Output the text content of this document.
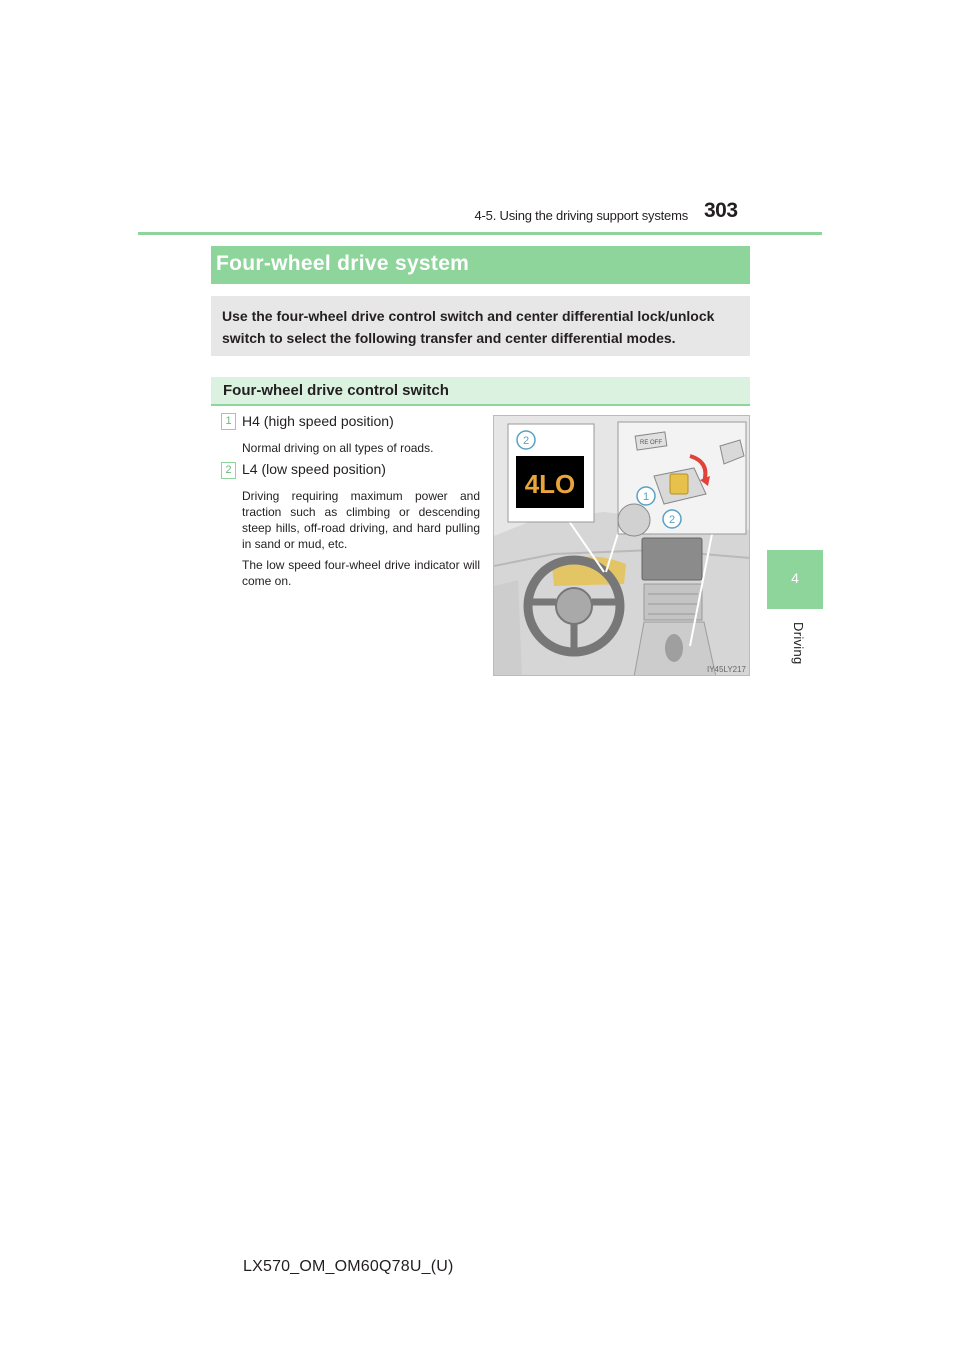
4-5. Using the driving support systems 303
4
Driving
Four-wheel drive system
Use the four-wheel drive control switch and center differential lock/unlock switch to select the following transfer and center differential modes.
Four-wheel drive control switch
1 H4 (high speed position)
Normal driving on all types of roads.
2 L4 (low speed position)
Driving requiring maximum power and traction such as climbing or descending steep hills, off-road driving, and hard pulling in sand or mud, etc.
The low speed four-wheel drive indicator will come on.
4LO
RE OFF
2
1
2
IY45LY217
LX570_OM_OM60Q78U_(U)
